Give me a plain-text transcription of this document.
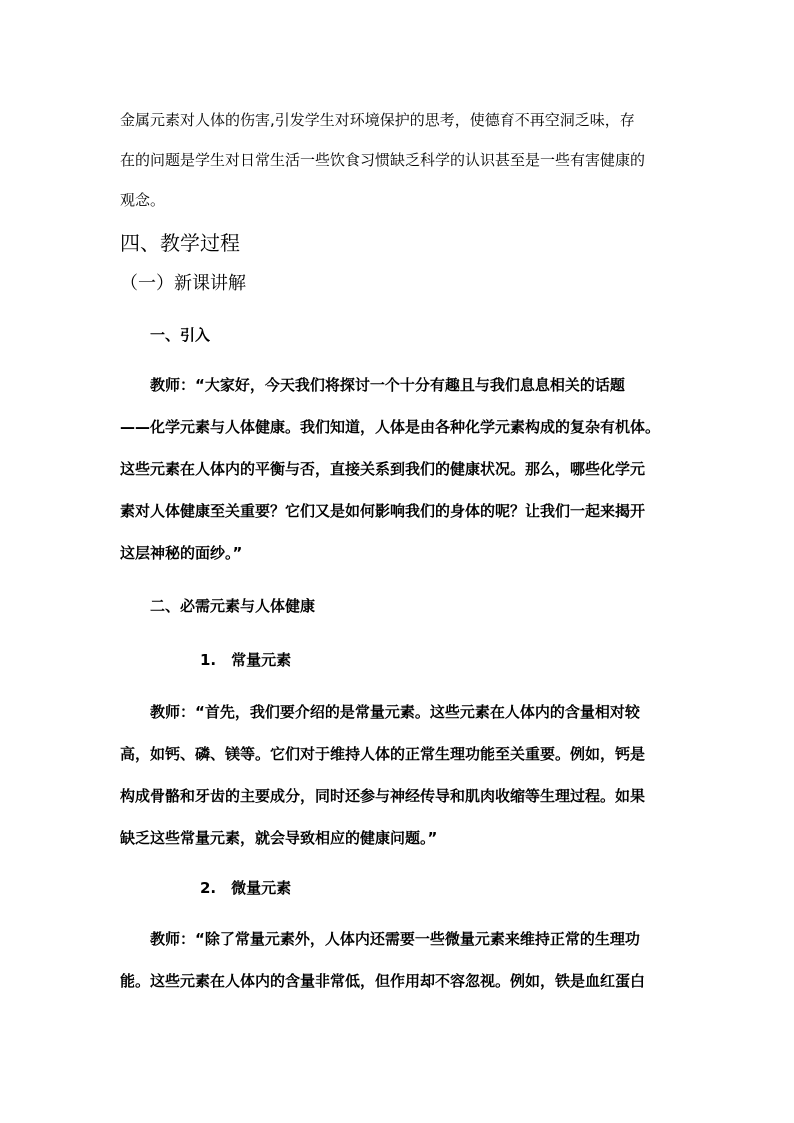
金属元素对人体的伤害,引发学生对环境保护的思考，使德育不再空洞乏味，存
在的问题是学生对日常生活一些饮食习惯缺乏科学的认识甚至是一些有害健康的
观念。
四、教学过程
（一）新课讲解
一、引入
教师：“大家好，今天我们将探讨一个十分有趣且与我们息息相关的话题
——化学元素与人体健康。我们知道，人体是由各种化学元素构成的复杂有机体。
这些元素在人体内的平衡与否，直接关系到我们的健康状况。那么，哪些化学元
素对人体健康至关重要？它们又是如何影响我们的身体的呢？让我们一起来揭开
这层神秘的面纱。”
二、必需元素与人体健康
1.　常量元素
教师：“首先，我们要介绍的是常量元素。这些元素在人体内的含量相对较
高，如钙、磷、镁等。它们对于维持人体的正常生理功能至关重要。例如，钙是
构成骨骼和牙齿的主要成分，同时还参与神经传导和肌肉收缩等生理过程。如果
缺乏这些常量元素，就会导致相应的健康问题。”
2.　微量元素
教师：“除了常量元素外，人体内还需要一些微量元素来维持正常的生理功
能。这些元素在人体内的含量非常低，但作用却不容忽视。例如，铁是血红蛋白
